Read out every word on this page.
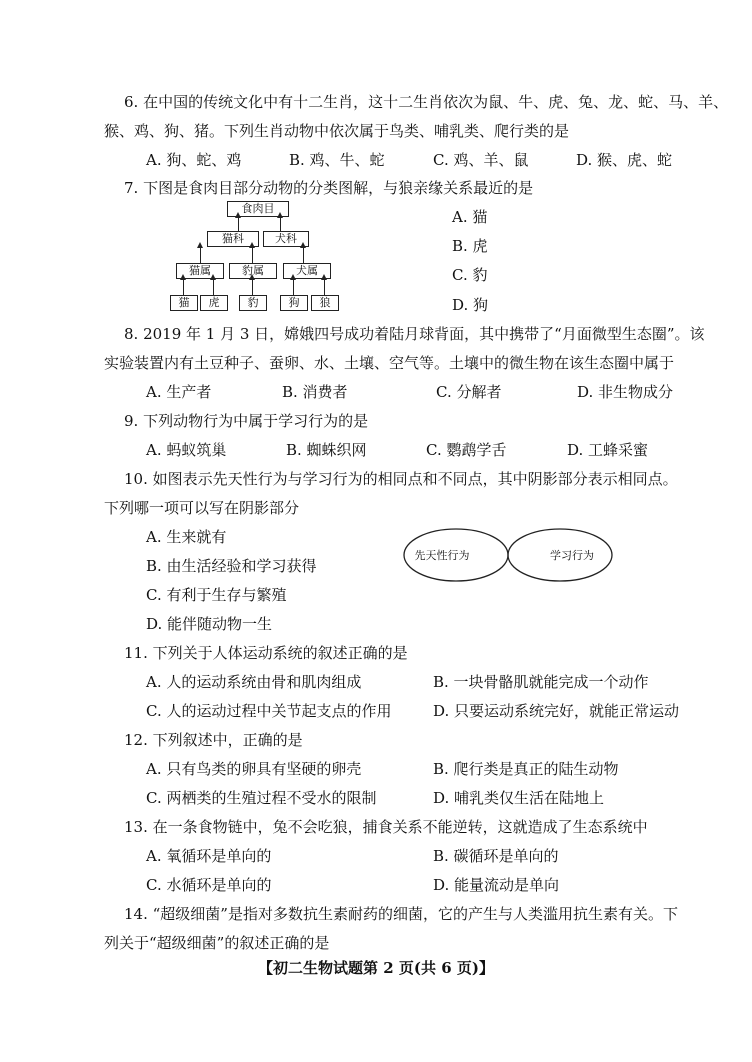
6. 在中国的传统文化中有十二生肖，这十二生肖依次为鼠、牛、虎、兔、龙、蛇、马、羊、
猴、鸡、狗、猪。下列生肖动物中依次属于鸟类、哺乳类、爬行类的是
A. 狗、蛇、鸡	B. 鸡、牛、蛇	C. 鸡、羊、鼠	D. 猴、虎、蛇
7. 下图是食肉目部分动物的分类图解，与狼亲缘关系最近的是
A. 猫
B. 虎
C. 豹
D. 狗
食肉目
猫科	犬科
猫属	豹属	犬属
猫	虎	豹	狗	狼
8. 2019 年 1 月 3 日，嫦娥四号成功着陆月球背面，其中携带了“月面微型生态圈”。该
实验装置内有土豆种子、蚕卵、水、土壤、空气等。土壤中的微生物在该生态圈中属于
A. 生产者	B. 消费者	C. 分解者	D. 非生物成分
9. 下列动物行为中属于学习行为的是
A. 蚂蚁筑巢	B. 蜘蛛织网	C. 鹦鹉学舌	D. 工蜂采蜜
10. 如图表示先天性行为与学习行为的相同点和不同点，其中阴影部分表示相同点。
下列哪一项可以写在阴影部分
A. 生来就有
B. 由生活经验和学习获得
C. 有利于生存与繁殖
D. 能伴随动物一生
先天性行为	学习行为
11. 下列关于人体运动系统的叙述正确的是
A. 人的运动系统由骨和肌肉组成	B. 一块骨骼肌就能完成一个动作
C. 人的运动过程中关节起支点的作用	D. 只要运动系统完好，就能正常运动
12. 下列叙述中，正确的是
A. 只有鸟类的卵具有坚硬的卵壳	B. 爬行类是真正的陆生动物
C. 两栖类的生殖过程不受水的限制	D. 哺乳类仅生活在陆地上
13. 在一条食物链中，兔不会吃狼，捕食关系不能逆转，这就造成了生态系统中
A. 氧循环是单向的	B. 碳循环是单向的
C. 水循环是单向的	D. 能量流动是单向
14. “超级细菌”是指对多数抗生素耐药的细菌，它的产生与人类滥用抗生素有关。下
列关于“超级细菌”的叙述正确的是
【初二生物试题第 2 页(共 6 页)】
